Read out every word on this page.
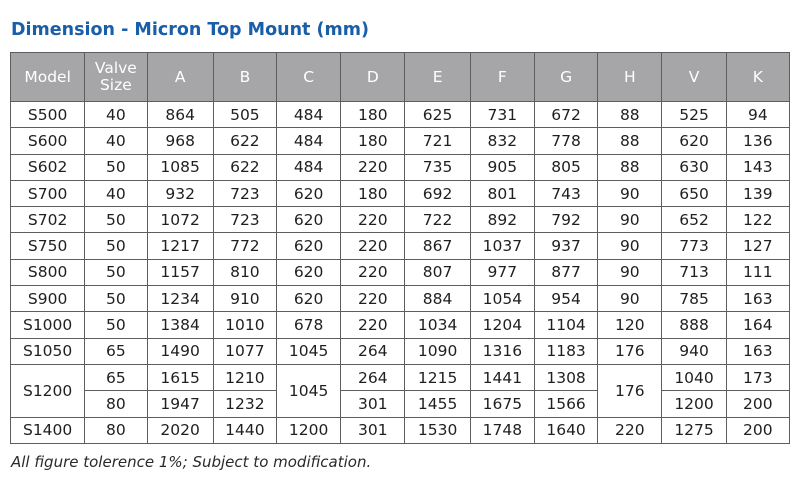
Dimension - Micron Top Mount (mm)
Model	Valve Size	A	B	C	D	E	F	G	H	V	K
S500	40	864	505	484	180	625	731	672	88	525	94
S600	40	968	622	484	180	721	832	778	88	620	136
S602	50	1085	622	484	220	735	905	805	88	630	143
S700	40	932	723	620	180	692	801	743	90	650	139
S702	50	1072	723	620	220	722	892	792	90	652	122
S750	50	1217	772	620	220	867	1037	937	90	773	127
S800	50	1157	810	620	220	807	977	877	90	713	111
S900	50	1234	910	620	220	884	1054	954	90	785	163
S1000	50	1384	1010	678	220	1034	1204	1104	120	888	164
S1050	65	1490	1077	1045	264	1090	1316	1183	176	940	163
S1200	65	1615	1210	1045	264	1215	1441	1308	176	1040	173
	80	1947	1232		301	1455	1675	1566		1200	200
S1400	80	2020	1440	1200	301	1530	1748	1640	220	1275	200
All figure tolerence 1%; Subject to modification.
